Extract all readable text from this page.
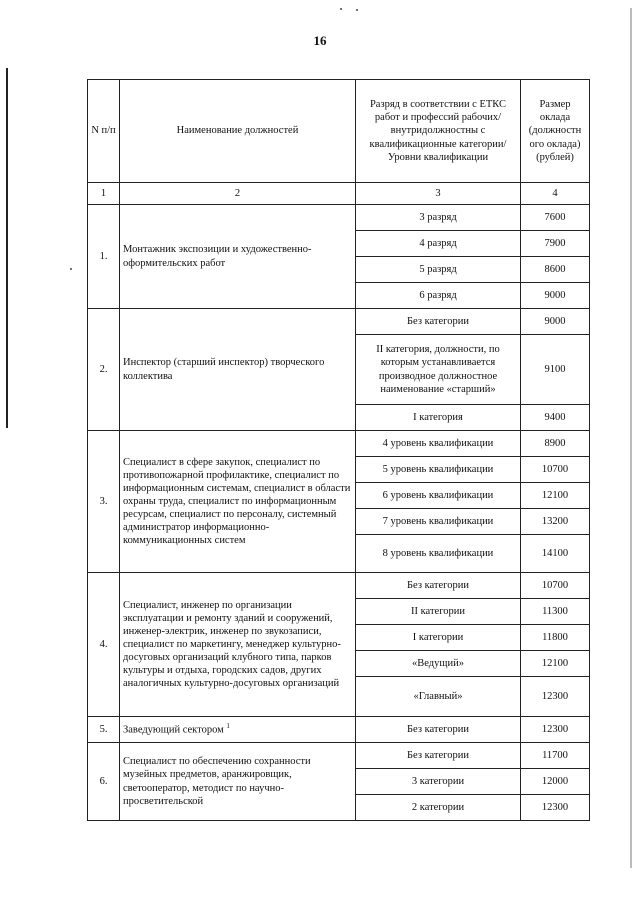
16
N п/п	Наименование должностей	Разряд в соответствии с ЕТКС работ и профессий рабочих/внутридолжностны с квалификационные категории/Уровни квалификации	Размер оклада (должностн ого оклада) (рублей)
1	2	3	4
1.	Монтажник экспозиции и художественно-оформительских работ	3 разряд	7600
		4 разряд	7900
		5 разряд	8600
		6 разряд	9000
2.	Инспектор (старший инспектор) творческого коллектива	Без категории	9000
		II категория, должности, по которым устанавливается производное должностное наименование «старший»	9100
		I категория	9400
3.	Специалист в сфере закупок, специалист по противопожарной профилактике, специалист по информационным системам, специалист в области охраны труда, специалист по информационным ресурсам, специалист по персоналу, системный администратор информационно-коммуникационных систем	4 уровень квалификации	8900
		5 уровень квалификации	10700
		6 уровень квалификации	12100
		7 уровень квалификации	13200
		8 уровень квалификации	14100
4.	Специалист, инженер по организации эксплуатации и ремонту зданий и сооружений, инженер-электрик, инженер по звукозаписи, специалист по маркетингу, менеджер культурно-досуговых организаций клубного типа, парков культуры и отдыха, городских садов, других аналогичных культурно-досуговых организаций	Без категории	10700
		II категории	11300
		I категории	11800
		«Ведущий»	12100
		«Главный»	12300
5.	Заведующий сектором $^1$	Без категории	12300
6.	Специалист по обеспечению сохранности музейных предметов, аранжировщик, светооператор, методист по научно-просветительской	Без категории	11700
		3 категории	12000
		2 категории	12300
